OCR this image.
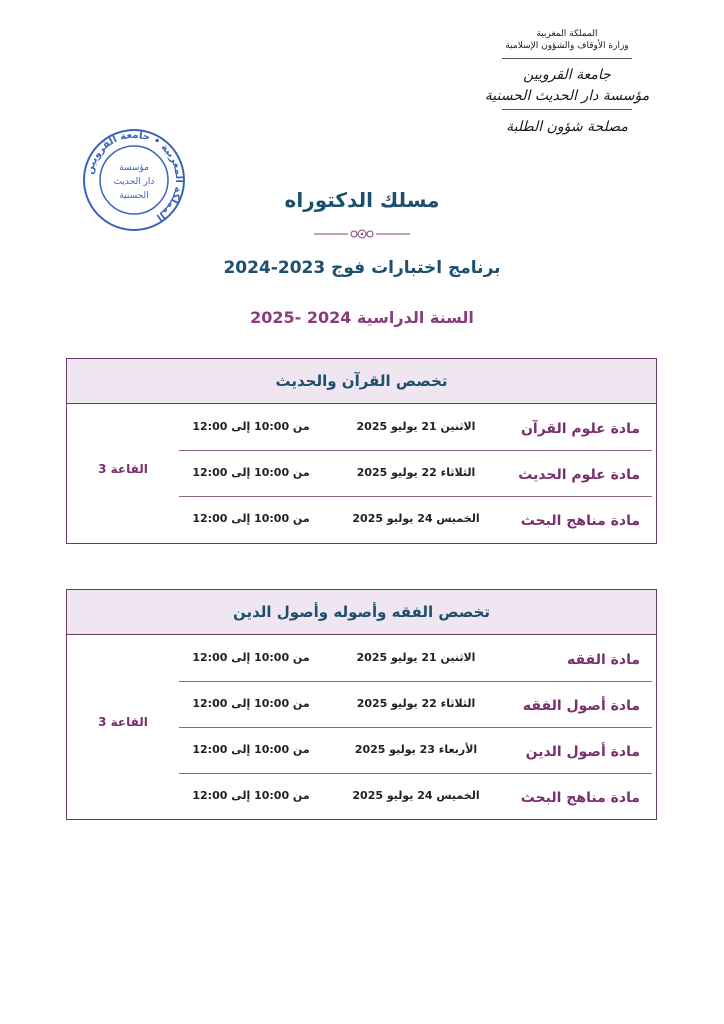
المملكة المغربية
وزارة الأوقاف والشؤون الإسلامية
جامعة القرويين
مؤسسة دار الحديث الحسنية
مصلحة شؤون الطلبة
المملكة المغربية • جامعة القرويين
مؤسسة
دار الحديث
الحسنية	مسلك الدكتوراه
برنامج اختبارات فوج 2023-2024
السنة الدراسية 2024 -2025
تخصص القرآن والحديث
مادة علوم القرآن
الاثنين 21 يوليو 2025
من 10:00 إلى 12:00
مادة علوم الحديث
الثلاثاء 22 يوليو 2025
من 10:00 إلى 12:00
مادة مناهج البحث
الخميس 24 يوليو 2025
من 10:00 إلى 12:00
القاعة 3
تخصص الفقه وأصوله وأصول الدين
مادة الفقه
الاثنين 21 يوليو 2025
من 10:00 إلى 12:00
مادة أصول الفقه
الثلاثاء 22 يوليو 2025
من 10:00 إلى 12:00
مادة أصول الدين
الأربعاء 23 يوليو 2025
من 10:00 إلى 12:00
مادة مناهج البحث
الخميس 24 يوليو 2025
من 10:00 إلى 12:00
القاعة 3
